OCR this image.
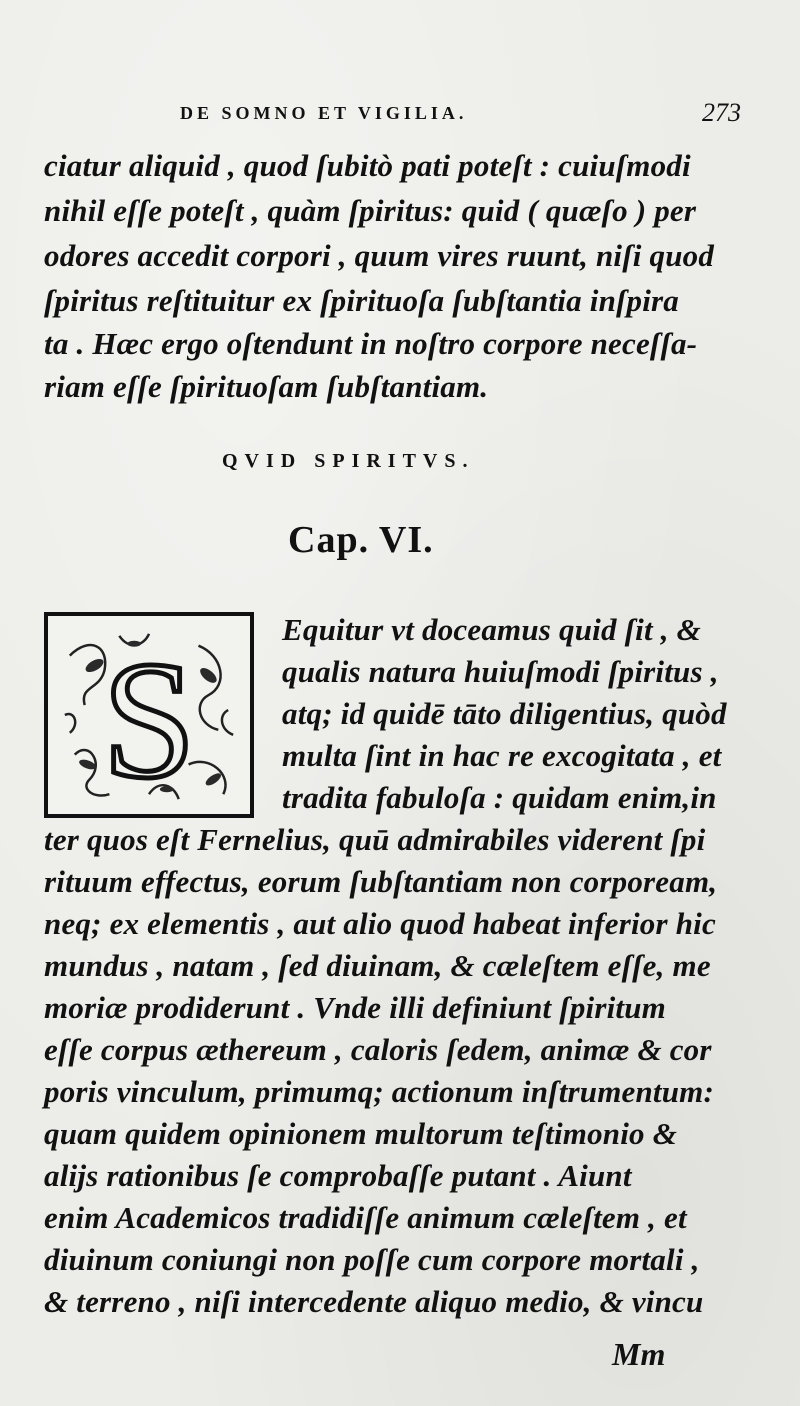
DE SOMNO ET VIGILIA.	273
ciatur aliquid , quod ſubitò pati poteſt : cuiuſmodi
nihil eſſe poteſt , quàm ſpiritus: quid ( quæſo ) per
odores accedit corpori , quum vires ruunt, niſi quod
ſpiritus reſtituitur ex ſpirituoſa ſubſtantia inſpira
ta . Hæc ergo oſtendunt in noſtro corpore neceſſa-
riam eſſe ſpirituoſam ſubſtantiam.
QVID SPIRITVS.
Cap. VI.
S	Equitur vt doceamus quid ſit , &
qualis natura huiuſmodi ſpiritus ,
atq; id quidē tāto diligentius, quòd
multa ſint in hac re excogitata , et
tradita fabuloſa : quidam enim,in
ter quos eſt Fernelius, quū admirabiles viderent ſpi
rituum effectus, eorum ſubſtantiam non corpoream,
neq; ex elementis , aut alio quod habeat inferior hic
mundus , natam , ſed diuinam, & cæleſtem eſſe, me
moriæ prodiderunt . Vnde illi definiunt ſpiritum
eſſe corpus æthereum , caloris ſedem, animæ & cor
poris vinculum, primumq; actionum inſtrumentum:
quam quidem opinionem multorum teſtimonio &
aliјs rationibus ſe comprobaſſe putant . Aiunt
enim Academicos tradidiſſe animum cæleſtem , et
diuinum coniungi non poſſe cum corpore mortali ,
& terreno , niſi intercedente aliquo medio, & vincu
Mm
